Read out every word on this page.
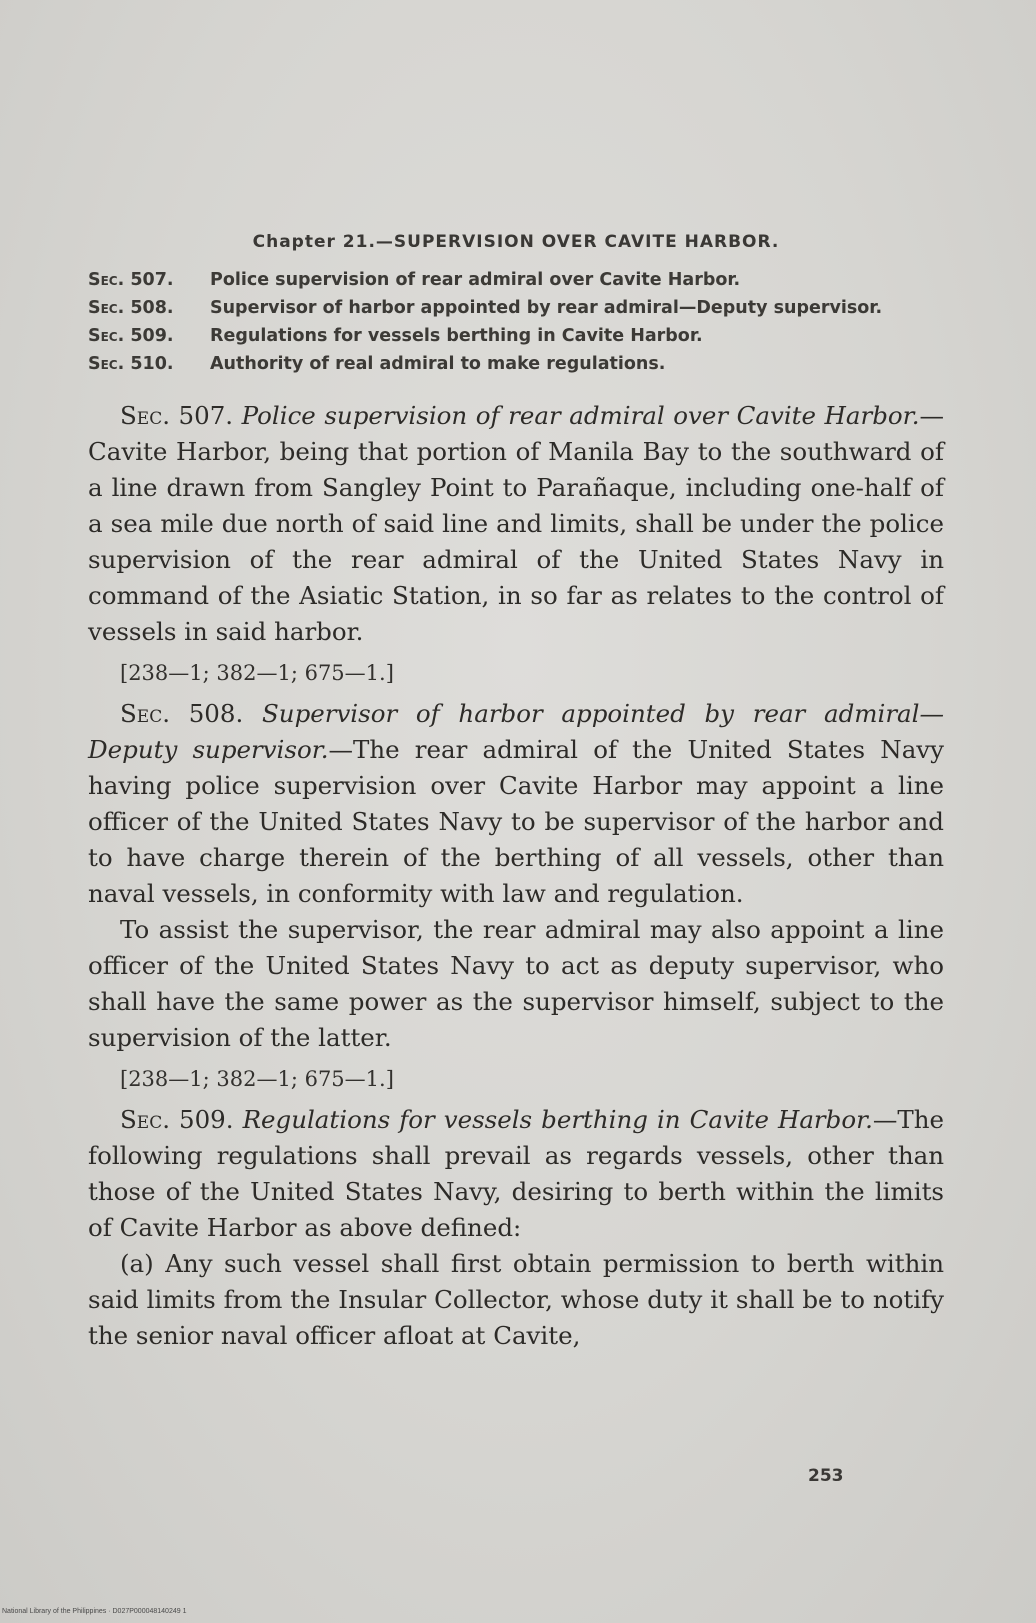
Chapter 21.—SUPERVISION OVER CAVITE HARBOR.
Sec. 507.	Police supervision of rear admiral over Cavite Harbor.
Sec. 508.	Supervisor of harbor appointed by rear admiral—Deputy supervisor.
Sec. 509.	Regulations for vessels berthing in Cavite Harbor.
Sec. 510.	Authority of real admiral to make regulations.

Sec. 507. Police supervision of rear admiral over Cavite Harbor.—Cavite Harbor, being that portion of Manila Bay to the southward of a line drawn from Sangley Point to Parañaque, including one-half of a sea mile due north of said line and limits, shall be under the police supervision of the rear admiral of the United States Navy in command of the Asiatic Station, in so far as relates to the control of vessels in said harbor.

[238—1; 382—1; 675—1.]

Sec. 508. Supervisor of harbor appointed by rear admiral—Deputy supervisor.—The rear admiral of the United States Navy having police supervision over Cavite Harbor may appoint a line officer of the United States Navy to be supervisor of the harbor and to have charge therein of the berthing of all vessels, other than naval vessels, in conformity with law and regulation.

To assist the supervisor, the rear admiral may also appoint a line officer of the United States Navy to act as deputy supervisor, who shall have the same power as the supervisor himself, subject to the supervision of the latter.

[238—1; 382—1; 675—1.]

Sec. 509. Regulations for vessels berthing in Cavite Harbor.—The following regulations shall prevail as regards vessels, other than those of the United States Navy, desiring to berth within the limits of Cavite Harbor as above defined:

(a) Any such vessel shall first obtain permission to berth within said limits from the Insular Collector, whose duty it shall be to notify the senior naval officer afloat at Cavite,

253
National Library of the Philippines · D027P000048140249 1
